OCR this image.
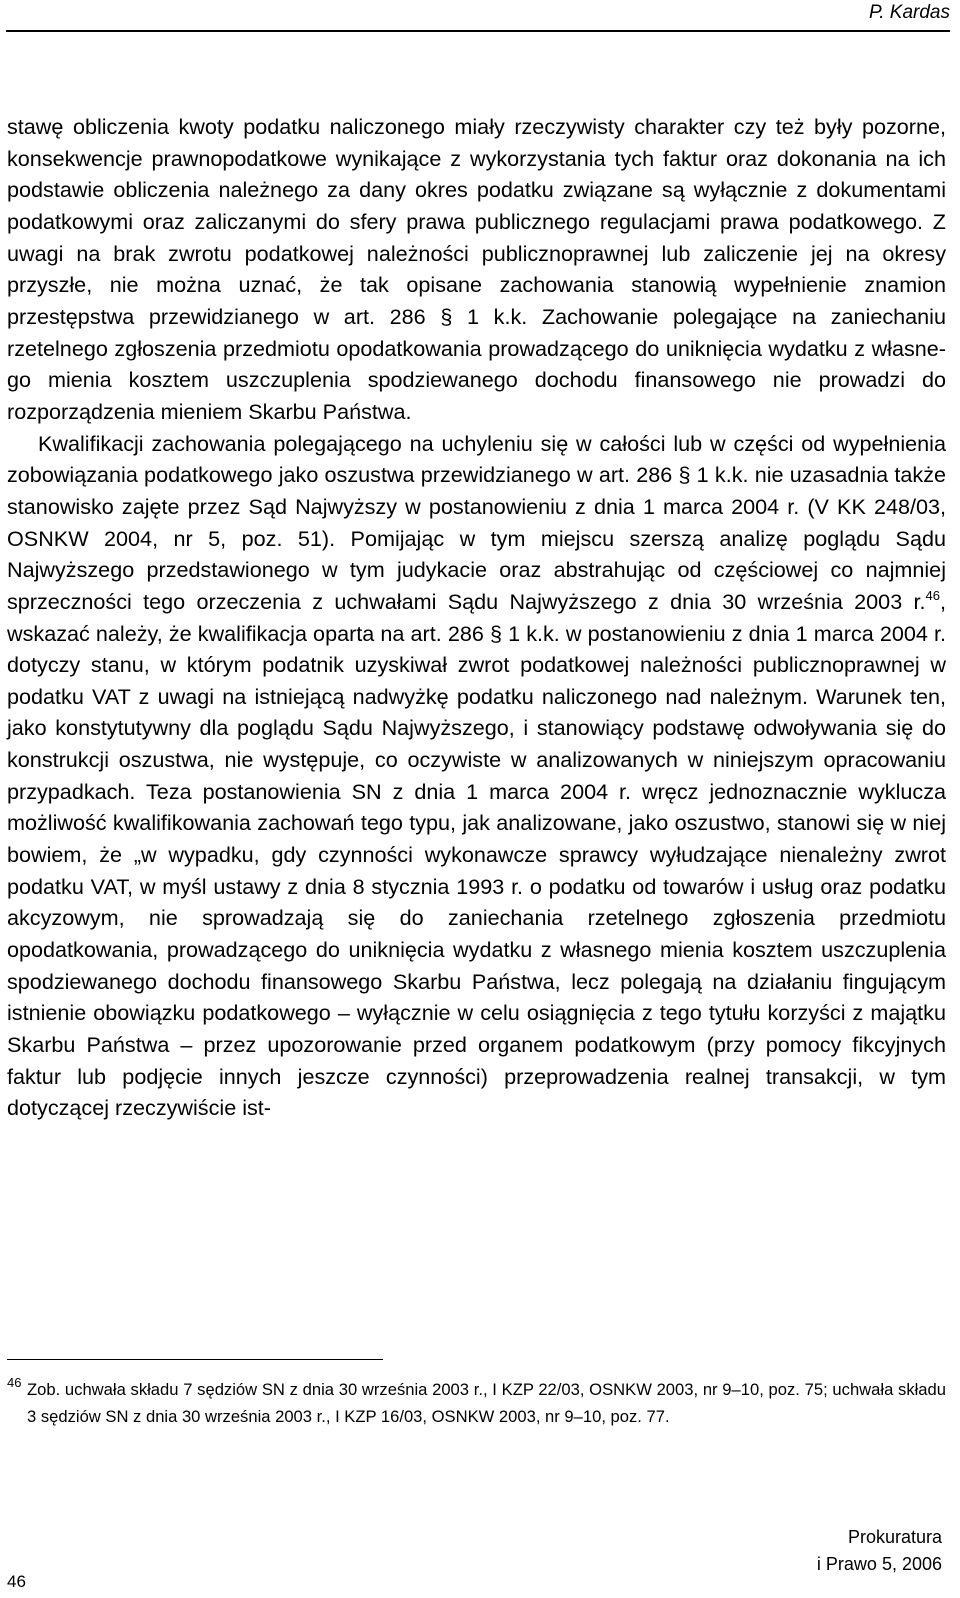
P. Kardas

stawę obliczenia kwoty podatku naliczonego miały rzeczywisty charakter czy też były pozorne, konsekwencje prawnopodatkowe wynikające z wykorzystania tych faktur oraz dokonania na ich podstawie obliczenia należnego za dany okres podatku związane są wyłącznie z dokumentami podatkowymi oraz zaliczanymi do sfery prawa publicznego regulacjami prawa podatkowego. Z uwagi na brak zwrotu podatkowej należności publicznoprawnej lub zaliczenie jej na okresy przyszłe, nie można uznać, że tak opisane zachowania stanowią wypełnienie znamion przestępstwa przewidzianego w art. 286 § 1 k.k. Zachowanie polegające na zaniechaniu rzetelnego zgłoszenia przedmiotu opodatkowania prowadzącego do uniknięcia wydatku z własnego mienia kosztem uszczuplenia spodziewanego dochodu finansowego nie prowadzi do rozporządzenia mieniem Skarbu Państwa.

Kwalifikacji zachowania polegającego na uchyleniu się w całości lub w części od wypełnienia zobowiązania podatkowego jako oszustwa przewidzianego w art. 286 § 1 k.k. nie uzasadnia także stanowisko zajęte przez Sąd Najwyższy w postanowieniu z dnia 1 marca 2004 r. (V KK 248/03, OSNKW 2004, nr 5, poz. 51). Pomijając w tym miejscu szerszą analizę poglądu Sądu Najwyższego przedstawionego w tym judykacie oraz abstrahując od częściowej co najmniej sprzeczności tego orzeczenia z uchwałami Sądu Najwyższego z dnia 30 września 2003 r.$^{46}$, wskazać należy, że kwalifikacja oparta na art. 286 § 1 k.k. w postanowieniu z dnia 1 marca 2004 r. dotyczy stanu, w którym podatnik uzyskiwał zwrot podatkowej należności publicznoprawnej w podatku VAT z uwagi na istniejącą nadwyżkę podatku naliczonego nad należnym. Warunek ten, jako konstytutywny dla poglądu Sądu Najwyższego, i stanowiący podstawę odwoływania się do konstrukcji oszustwa, nie występuje, co oczywiste w analizowanych w niniejszym opracowaniu przypadkach. Teza postanowienia SN z dnia 1 marca 2004 r. wręcz jednoznacznie wyklucza możliwość kwalifikowania zachowań tego typu, jak analizowane, jako oszustwo, stanowi się w niej bowiem, że „w wypadku, gdy czynności wykonawcze sprawcy wyłudzające nienależny zwrot podatku VAT, w myśl ustawy z dnia 8 stycznia 1993 r. o podatku od towarów i usług oraz podatku akcyzowym, nie sprowadzają się do zaniechania rzetelnego zgłoszenia przedmiotu opodatkowania, prowadzącego do uniknięcia wydatku z własnego mienia kosztem uszczuplenia spodziewanego dochodu finansowego Skarbu Państwa, lecz polegają na działaniu fingującym istnienie obowiązku podatkowego – wyłącznie w celu osiągnięcia z tego tytułu korzyści z majątku Skarbu Państwa – przez upozorowanie przed organem podatkowym (przy pomocy fikcyjnych faktur lub podjęcie innych jeszcze czynności) przeprowadzenia realnej transakcji, w tym dotyczącej rzeczywiście ist-

46 Zob. uchwała składu 7 sędziów SN z dnia 30 września 2003 r., I KZP 22/03, OSNKW 2003, nr 9–10, poz. 75; uchwała składu 3 sędziów SN z dnia 30 września 2003 r., I KZP 16/03, OSNKW 2003, nr 9–10, poz. 77.
46
Prokuratura
i Prawo 5, 2006
